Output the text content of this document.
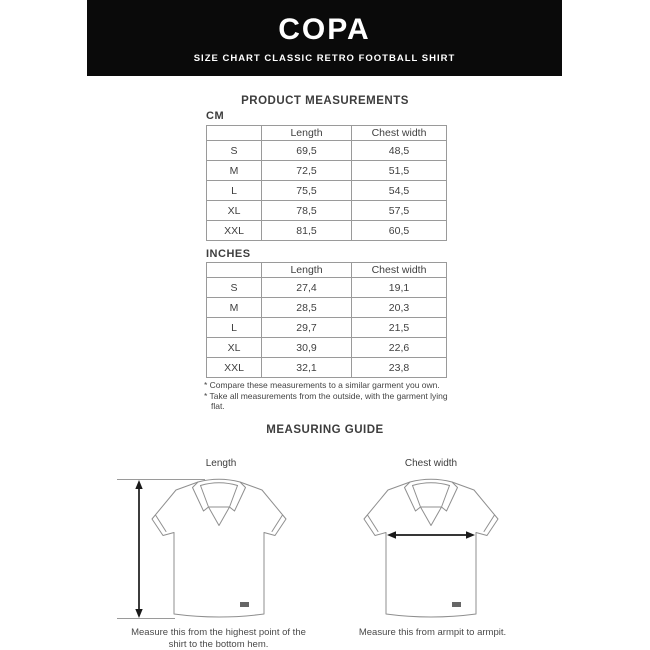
COPA
SIZE CHART CLASSIC RETRO FOOTBALL SHIRT
PRODUCT MEASUREMENTS
CM
	Length	Chest width
S	69,5	48,5
M	72,5	51,5
L	75,5	54,5
XL	78,5	57,5
XXL	81,5	60,5
INCHES
	Length	Chest width
S	27,4	19,1
M	28,5	20,3
L	29,7	21,5
XL	30,9	22,6
XXL	32,1	23,8
* Compare these measurements to a similar garment you own.
* Take all measurements from the outside, with the garment lying flat.
MEASURING GUIDE
Length	Chest width
Measure this from the highest point of the shirt to the bottom hem.
Measure this from armpit to armpit.
